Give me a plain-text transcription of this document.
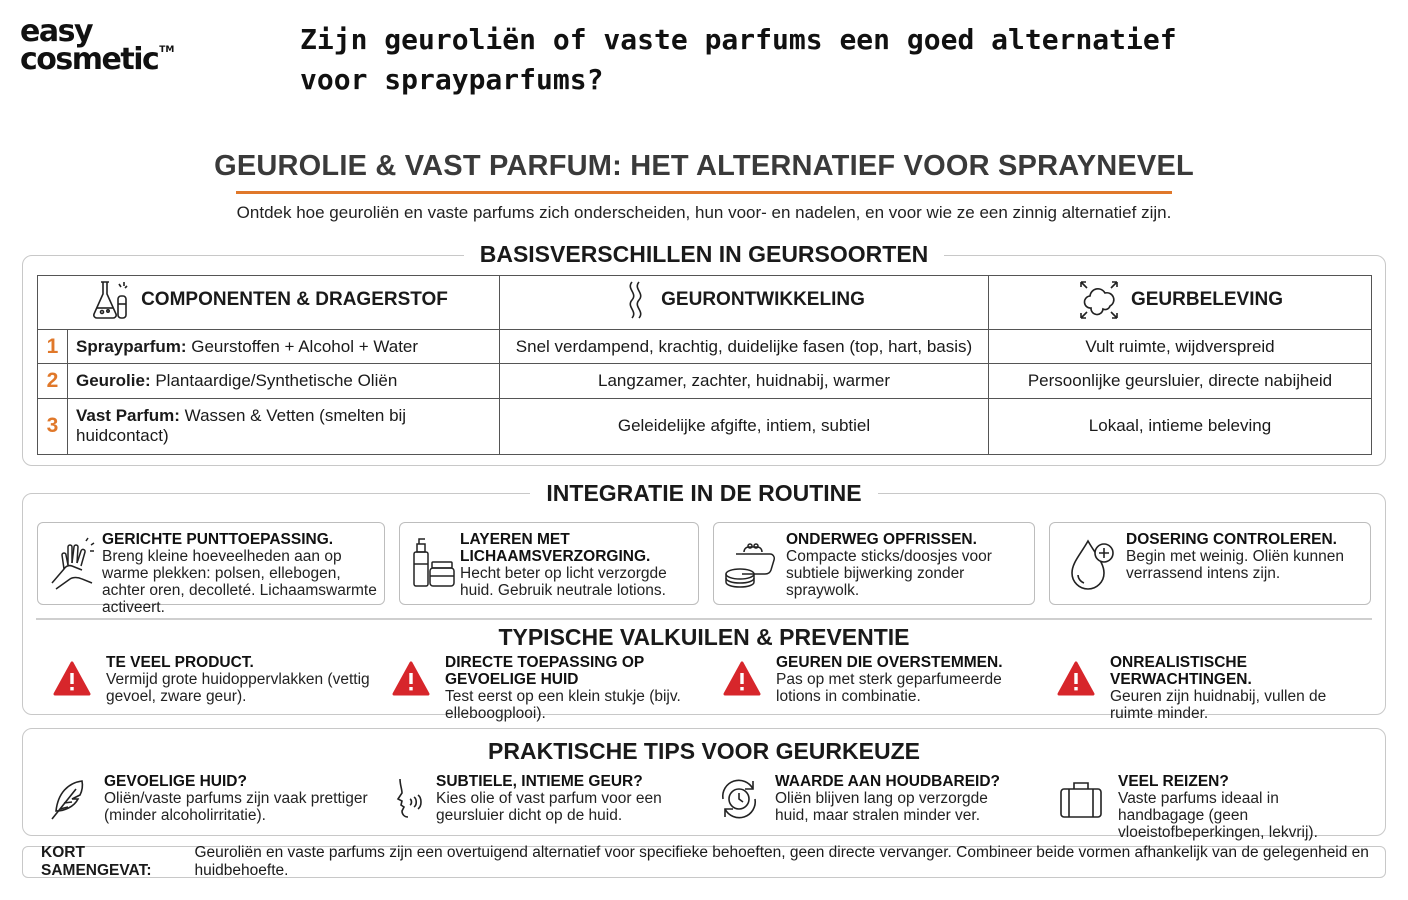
easy
cosmetic™	Zijn geuroliën of vaste parfums een goed alternatief voor sprayparfums?
GEUROLIE & VAST PARFUM: HET ALTERNATIEF VOOR SPRAYNEVEL
Ontdek hoe geuroliën en vaste parfums zich onderscheiden, hun voor- en nadelen, en voor wie ze een zinnig alternatief zijn.
BASISVERSCHILLEN IN GEURSOORTEN
COMPONENTEN & DRAGERSTOF		GEURONTWIKKELING	GEURBELEVING

1	Sprayparfum: Geurstoffen + Alcohol + Water	Snel verdampend, krachtig, duidelijke fasen (top, hart, basis)	Vult ruimte, wijdverspreid
2	Geurolie: Plantaardige/Synthetische Oliën	Langzamer, zachter, huidnabij, warmer	Persoonlijke geursluier, directe nabijheid
3	Vast Parfum: Wassen & Vetten (smelten bij huidcontact)	Geleidelijke afgifte, intiem, subtiel	Lokaal, intieme beleving
INTEGRATIE IN DE ROUTINE
GERICHTE PUNTTOEPASSING.
Breng kleine hoeveelheden aan op warme plekken: polsen, ellebogen, achter oren, decolleté. Lichaamswarmte activeert.
LAYEREN MET LICHAAMSVERZORGING.
Hecht beter op licht verzorgde huid. Gebruik neutrale lotions.
ONDERWEG OPFRISSEN.
Compacte sticks/doosjes voor subtiele bijwerking zonder spraywolk.
DOSERING CONTROLEREN.
Begin met weinig. Oliën kunnen verrassend intens zijn.
TYPISCHE VALKUILEN & PREVENTIE
TE VEEL PRODUCT.
Vermijd grote huidoppervlakken (vettig gevoel, zware geur).
DIRECTE TOEPASSING OP GEVOELIGE HUID
Test eerst op een klein stukje (bijv. elleboogplooi).
GEUREN DIE OVERSTEMMEN.
Pas op met sterk geparfumeerde lotions in combinatie.
ONREALISTISCHE VERWACHTINGEN.
Geuren zijn huidnabij, vullen de ruimte minder.
PRAKTISCHE TIPS VOOR GEURKEUZE
GEVOELIGE HUID?
Oliën/vaste parfums zijn vaak prettiger (minder alcoholirritatie).
SUBTIELE, INTIEME GEUR?
Kies olie of vast parfum voor een geursluier dicht op de huid.
WAARDE AAN HOUDBAREID?
Oliën blijven lang op verzorgde huid, maar stralen minder ver.
VEEL REIZEN?
Vaste parfums ideaal in handbagage (geen vloeistofbeperkingen, lekvrij).
KORT SAMENGEVAT:
Geuroliën en vaste parfums zijn een overtuigend alternatief voor specifieke behoeften, geen directe vervanger. Combineer beide vormen afhankelijk van de gelegenheid en huidbehoefte.
